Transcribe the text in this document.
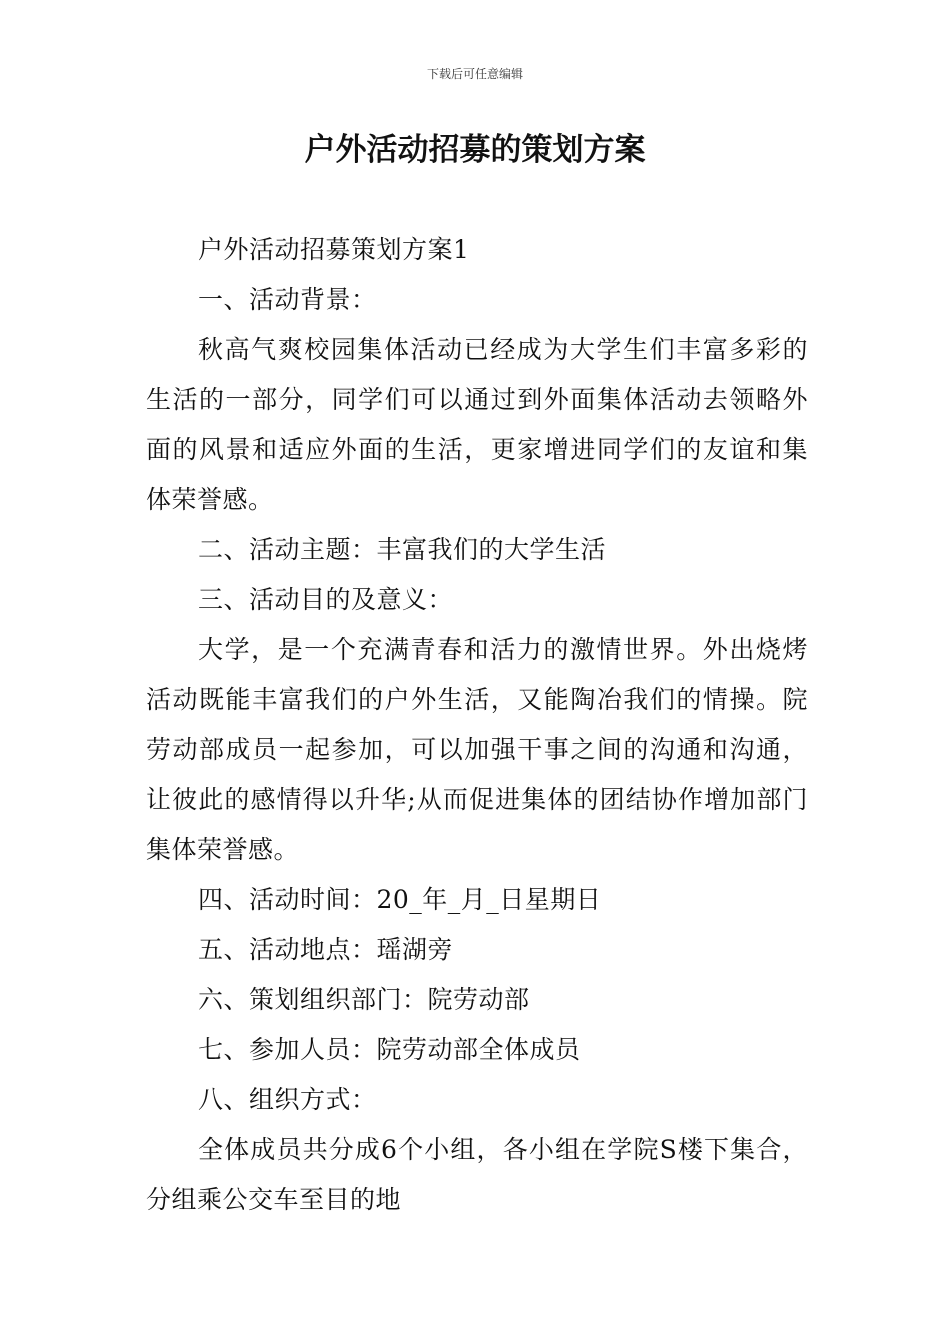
下载后可任意编辑
户外活动招募的策划方案

户外活动招募策划方案1

一、活动背景：

秋高气爽校园集体活动已经成为大学生们丰富多彩的生活的一部分，同学们可以通过到外面集体活动去领略外面的风景和适应外面的生活，更家增进同学们的友谊和集体荣誉感。

二、活动主题：丰富我们的大学生活

三、活动目的及意义：

大学，是一个充满青春和活力的激情世界。外出烧烤活动既能丰富我们的户外生活，又能陶冶我们的情操。院劳动部成员一起参加，可以加强干事之间的沟通和沟通，让彼此的感情得以升华;从而促进集体的团结协作增加部门集体荣誉感。

四、活动时间：20_年_月_日星期日

五、活动地点：瑶湖旁

六、策划组织部门：院劳动部

七、参加人员：院劳动部全体成员

八、组织方式：

全体成员共分成6个小组，各小组在学院S楼下集合，分组乘公交车至目的地
